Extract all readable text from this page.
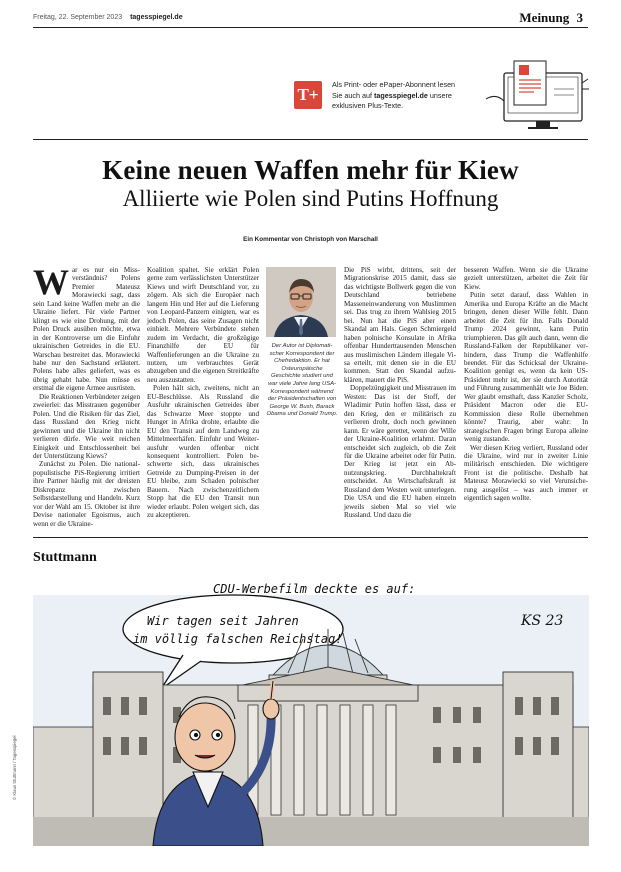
Freitag, 22. September 2023 tagesspiegel.de	Meinung 3
T+
Als Print- oder ePaper-Abonnent lesen
Sie auch auf tagesspiegel.de unsere
exklusiven Plus-Texte.
Keine neuen Waffen mehr für Kiew
Alliierte wie Polen sind Putins Hoffnung
Ein Kommentar von Christoph von Marschall

War es nur ein Missverständnis? Polens Premier Mateusz Morawiecki sagt, dass sein Land keine Waffen mehr an die Ukraine liefert. Für viele Partner klingt es wie eine Drohung, mit der Polen Druck ausüben möchte, etwa in der Kontroverse um die Einfuhr ukrainischen Getreides in die EU. Warschau bestreitet das. Morawiecki habe nur den Sachstand erläutert. Polens habe alles geliefert, was es übrig gehabt habe. Nun müsse es erstmal die eigene Armee ausrüsten.

Die Reaktionen Verbündeter zeigen zweierlei: das Misstrauen gegenüber Polen. Und die Risiken für das Ziel, dass Russland den Krieg nicht gewinnen und die Ukraine ihn nicht verlieren dürfe. Wie weit reichen Einigkeit und Entschlossenheit bei der Unterstützung Kiews?

Zunächst zu Polen. Die nationalpopulistische PiS-Regierung irritiert ihre Partner häufig mit der dreisten Diskrepanz zwischen Selbstdarstellung und Handeln. Kurz vor der Wahl am 15. Oktober ist ihre Devise nationaler Egoismus, auch wenn er die Ukraine-

Koalition spaltet. Sie erklärt Polen gerne zum verlässlichsten Unterstützer Kiews und wirft Deutschland vor, zu zögern. Als sich die Europäer nach langem Hin und Her auf die Lieferung von Leopard-Panzern einigten, war es jedoch Polen, das seine Zusagen nicht einhielt. Mehrere Verbündete stehen zudem im Verdacht, die großzügige Finanzhilfe der EU für Waffenlieferungen an die Ukraine zu nutzen, um verbrauchtes Gerät abzugeben und die eigenen Streitkräfte neu auszustatten.

Polen hält sich, zweitens, nicht an EU-Beschlüsse. Als Russland die Ausfuhr ukrainischen Getreides über das Schwarze Meer stoppte und Hunger in Afrika drohte, erlaubte die EU den Transit auf dem Landweg zu Mittelmeerhäfen. Einfuhr und Weiterausfuhr wurden offenbar nicht konsequent kontrolliert. Polen beschwerte sich, dass ukrainisches Getreide zu Dumping-Preisen in der EU bleibe, zum Schaden polnischer Bauern. Nach zwischenzeitlichem Stopp hat die EU den Transit nun wieder erlaubt. Polen weigert sich, das zu akzeptieren.

Der Autor ist Diplomatischer Korrespondent der Chefredaktion. Er hat Osteuropäische Geschichte studiert und war viele Jahre lang USA-Korrespondent während der Präsidentschaften von George W. Bush, Barack Obama und Donald Trump.

Die PiS wirbt, drittens, seit der Migrationskrise 2015 damit, dass sie das wichtigste Bollwerk gegen die von Deutschland betriebene Masseneinwanderung von Muslimmen sei. Das trug zu ihrem Wahlsieg 2015 bei. Nun hat die PiS aber einen Skandal am Hals. Gegen Schmiergeld haben polnische Konsulate in Afrika offenbar Hunderttausenden Menschen aus muslimischen Ländern illegale Visa erteilt, mit denen sie in die EU kommen. Statt den Skandal aufzuklären, mauert die PiS.

Doppelzüngigkeit und Misstrauen im Westen: Das ist der Stoff, der Wladimir Putin hoffen lässt, dass er den Krieg, den er militärisch zu verlieren droht, doch noch gewinnen kann. Er wäre gerettet, wenn der Wille der Ukraine-Koalition erlahmt. Daran entscheidet sich zugleich, ob die Zeit für die Ukraine arbeitet oder für Putin. Der Krieg ist jetzt ein Abnutzungskrieg. Durchhaltekraft entscheidet. An Wirtschaftskraft ist Russland dem Westen weit unterlegen. Die USA und die EU haben einzeln jeweils sieben Mal so viel wie Russland. Und dazu die

besseren Waffen. Wenn sie die Ukraine gezielt unterstützen, arbeitet die Zeit für Kiew.

Putin setzt darauf, dass Wahlen in Amerika und Europa Kräfte an die Macht bringen, denen dieser Wille fehlt. Dann arbeitet die Zeit für ihn. Falls Donald Trump 2024 gewinnt, kann Putin triumphieren. Das gilt auch dann, wenn die Russland-Falken der Republikaner verhindern, dass Trump die Waffenhilfe beendet. Für das Schicksal der Ukraine-Koalition genügt es, wenn da kein US-Präsident mehr ist, der sie durch Autorität und Führung zusammenhält wie Joe Biden. Wer glaubt ernsthaft, dass Kanzler Scholz, Präsident Macron oder die EU-Kommission diese Rolle übernehmen könnte? Traurig, aber wahr: In strategischen Fragen bringt Europa alleine wenig zustande.

Wer diesen Krieg verliert, Russland oder die Ukraine, wird nur in zweiter Linie militärisch entschieden. Die wichtigere Front ist die politische. Deshalb hat Mateusz Morawiecki so viel Verunsicherung ausgelöst – was auch immer er eigentlich sagen wollte.

Stuttmann
CDU-Werbefilm deckte es auf:
KS 23
Wir tagen seit Jahren
im völlig falschen Reichstag!
© Klaus Stuttmann / Tagesspiegel
